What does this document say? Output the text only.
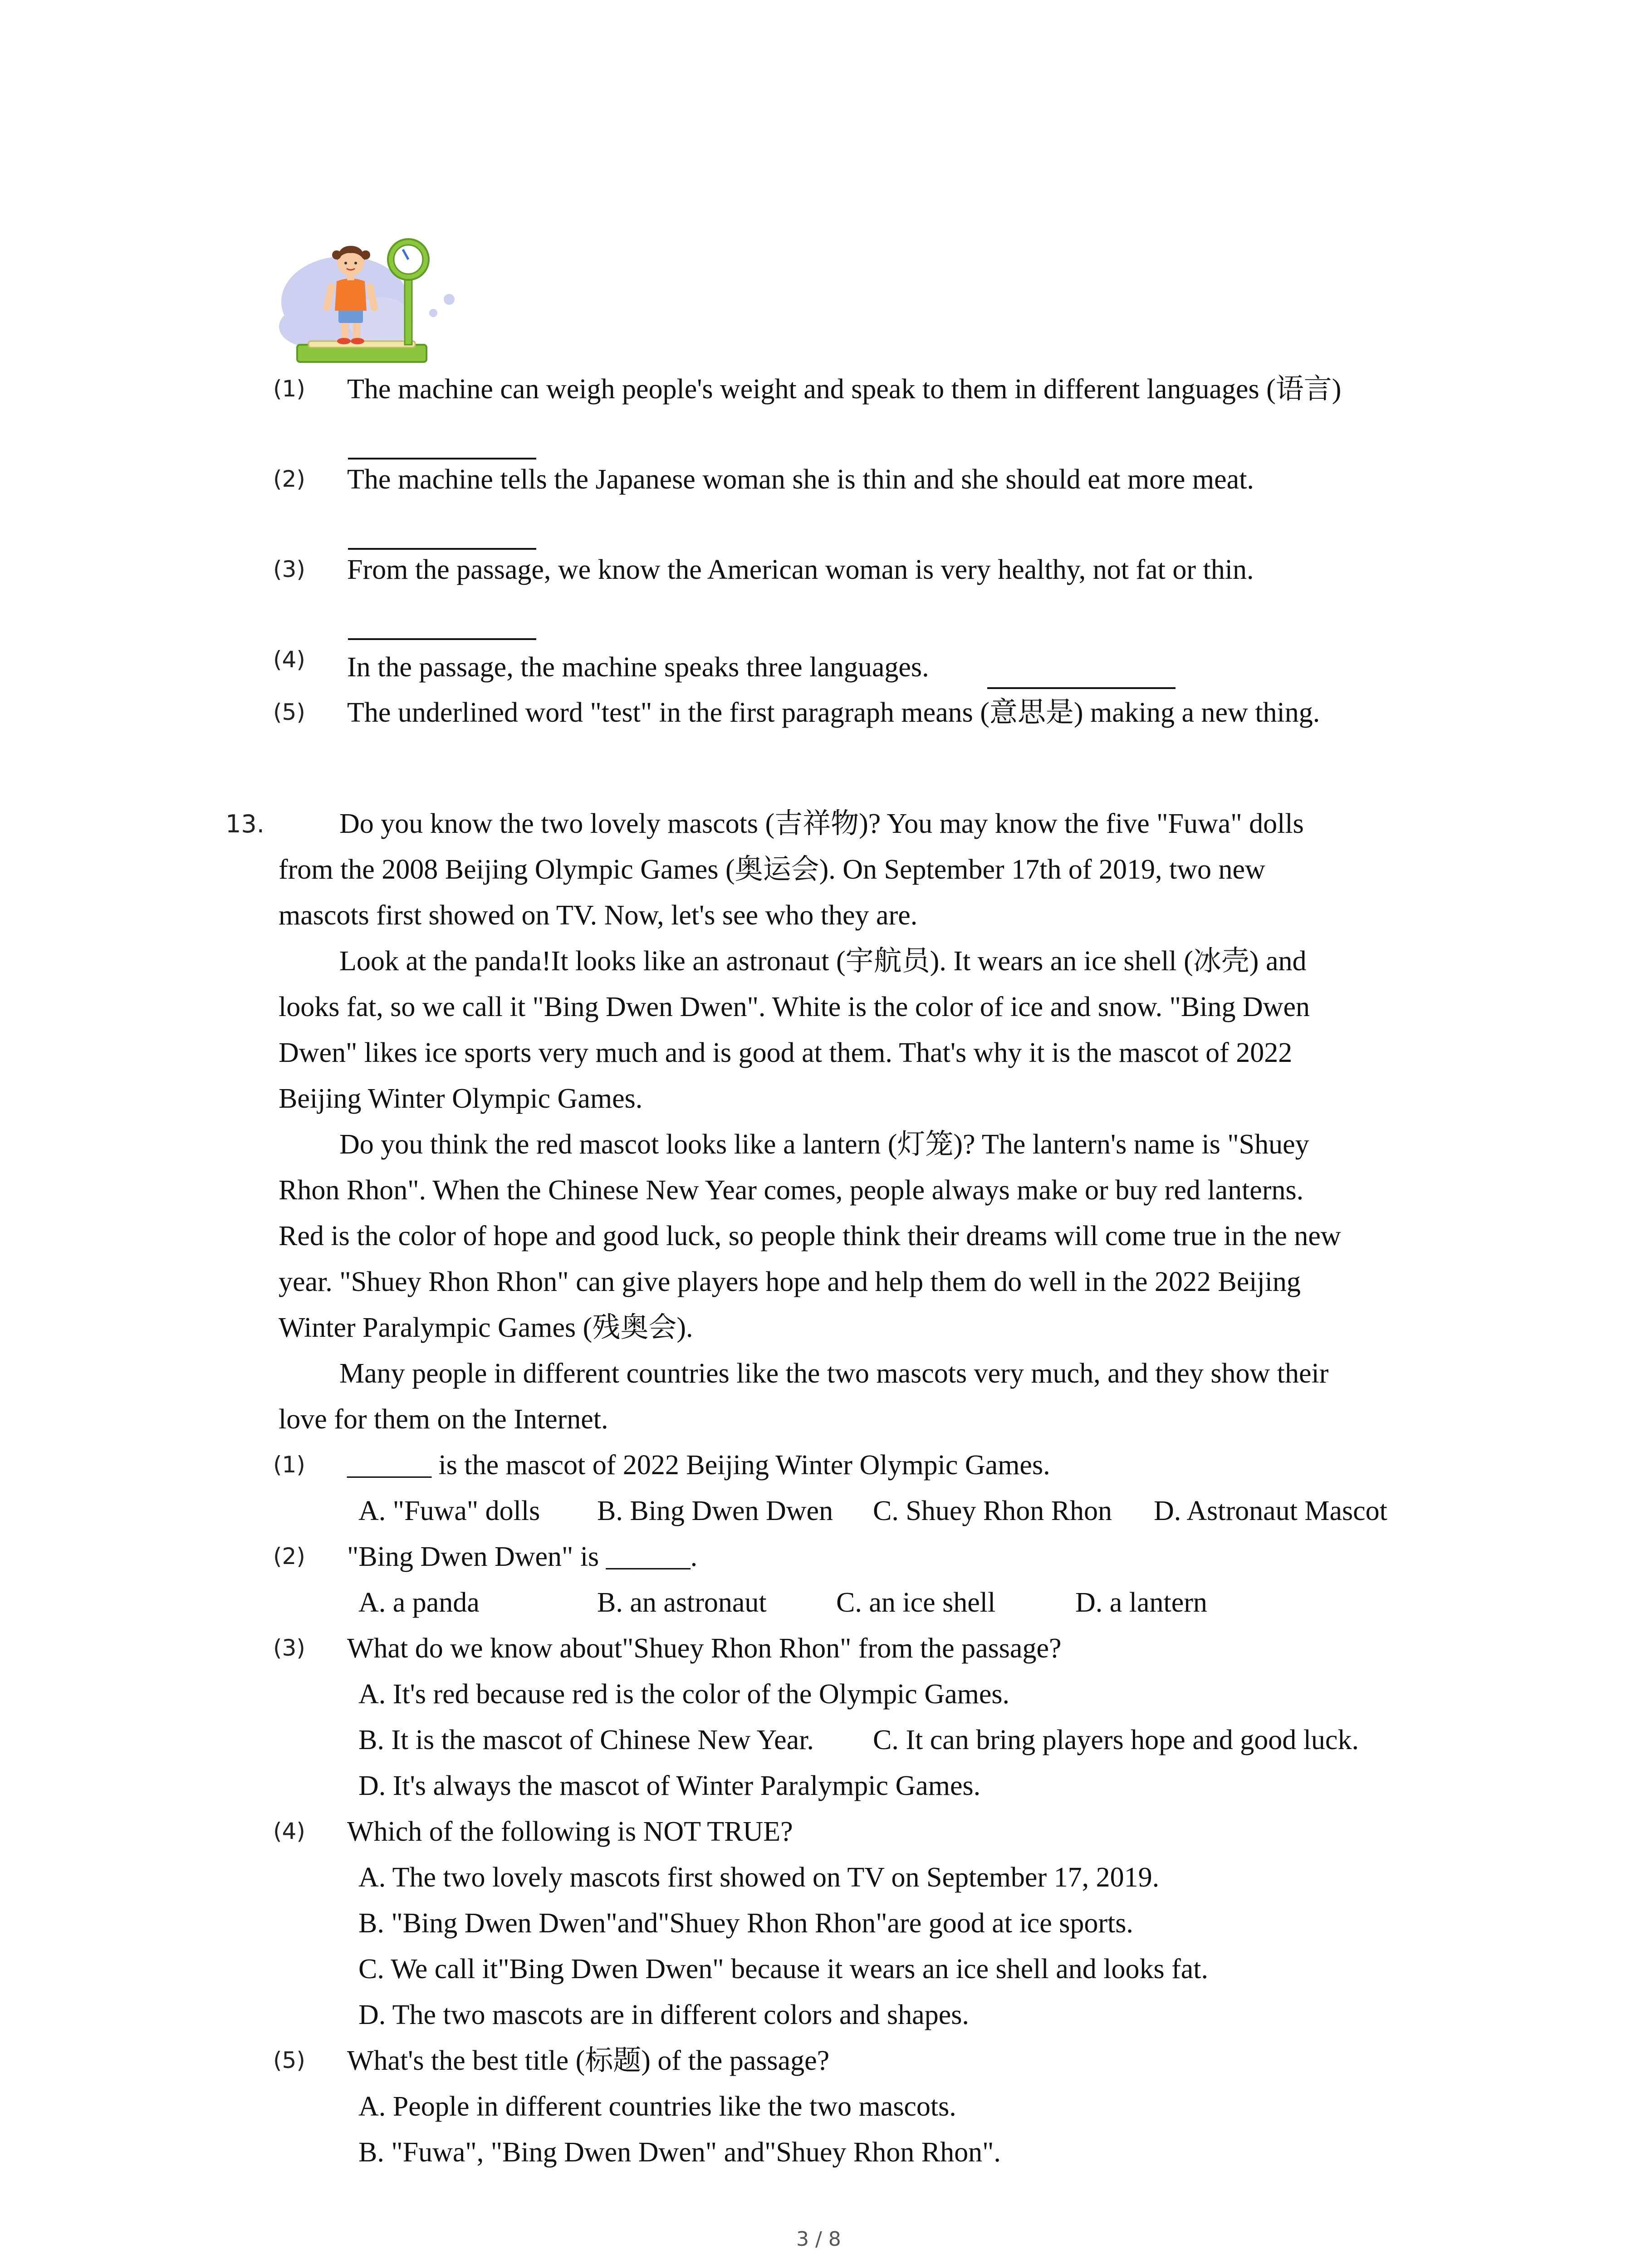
(1) The machine can weigh people's weight and speak to them in different languages (语言)
(2) The machine tells the Japanese woman she is thin and she should eat more meat.
(3) From the passage, we know the American woman is very healthy, not fat or thin.
(4) In the passage, the machine speaks three languages.
(5) The underlined word "test" in the first paragraph means (意思是) making a new thing.
13.	Do you know the two lovely mascots (吉祥物)? You may know the five "Fuwa" dolls
from the 2008 Beijing Olympic Games (奥运会). On September 17th of 2019, two new
mascots first showed on TV. Now, let's see who they are.
Look at the panda!It looks like an astronaut (宇航员). It wears an ice shell (冰壳) and
looks fat, so we call it "Bing Dwen Dwen". White is the color of ice and snow. "Bing Dwen
Dwen" likes ice sports very much and is good at them. That's why it is the mascot of 2022
Beijing Winter Olympic Games.
Do you think the red mascot looks like a lantern (灯笼)? The lantern's name is "Shuey
Rhon Rhon". When the Chinese New Year comes, people always make or buy red lanterns.
Red is the color of hope and good luck, so people think their dreams will come true in the new
year. "Shuey Rhon Rhon" can give players hope and help them do well in the 2022 Beijing
Winter Paralympic Games (残奥会).
Many people in different countries like the two mascots very much, and they show their
love for them on the Internet.
(1) ______ is the mascot of 2022 Beijing Winter Olympic Games.
A. "Fuwa" dolls B. Bing Dwen Dwen C. Shuey Rhon Rhon D. Astronaut Mascot
(2) "Bing Dwen Dwen" is ______.
A. a panda	B. an astronaut C. an ice shell	D. a lantern
(3) What do we know about"Shuey Rhon Rhon" from the passage?
A. It's red because red is the color of the Olympic Games.
B. It is the mascot of Chinese New Year. C. It can bring players hope and good luck.
D. It's always the mascot of Winter Paralympic Games.
(4) Which of the following is NOT TRUE?
A. The two lovely mascots first showed on TV on September 17, 2019.
B. "Bing Dwen Dwen"and"Shuey Rhon Rhon"are good at ice sports.
C. We call it"Bing Dwen Dwen" because it wears an ice shell and looks fat.
D. The two mascots are in different colors and shapes.
(5) What's the best title (标题) of the passage?
A. People in different countries like the two mascots.
B. "Fuwa", "Bing Dwen Dwen" and"Shuey Rhon Rhon".
3 / 8
